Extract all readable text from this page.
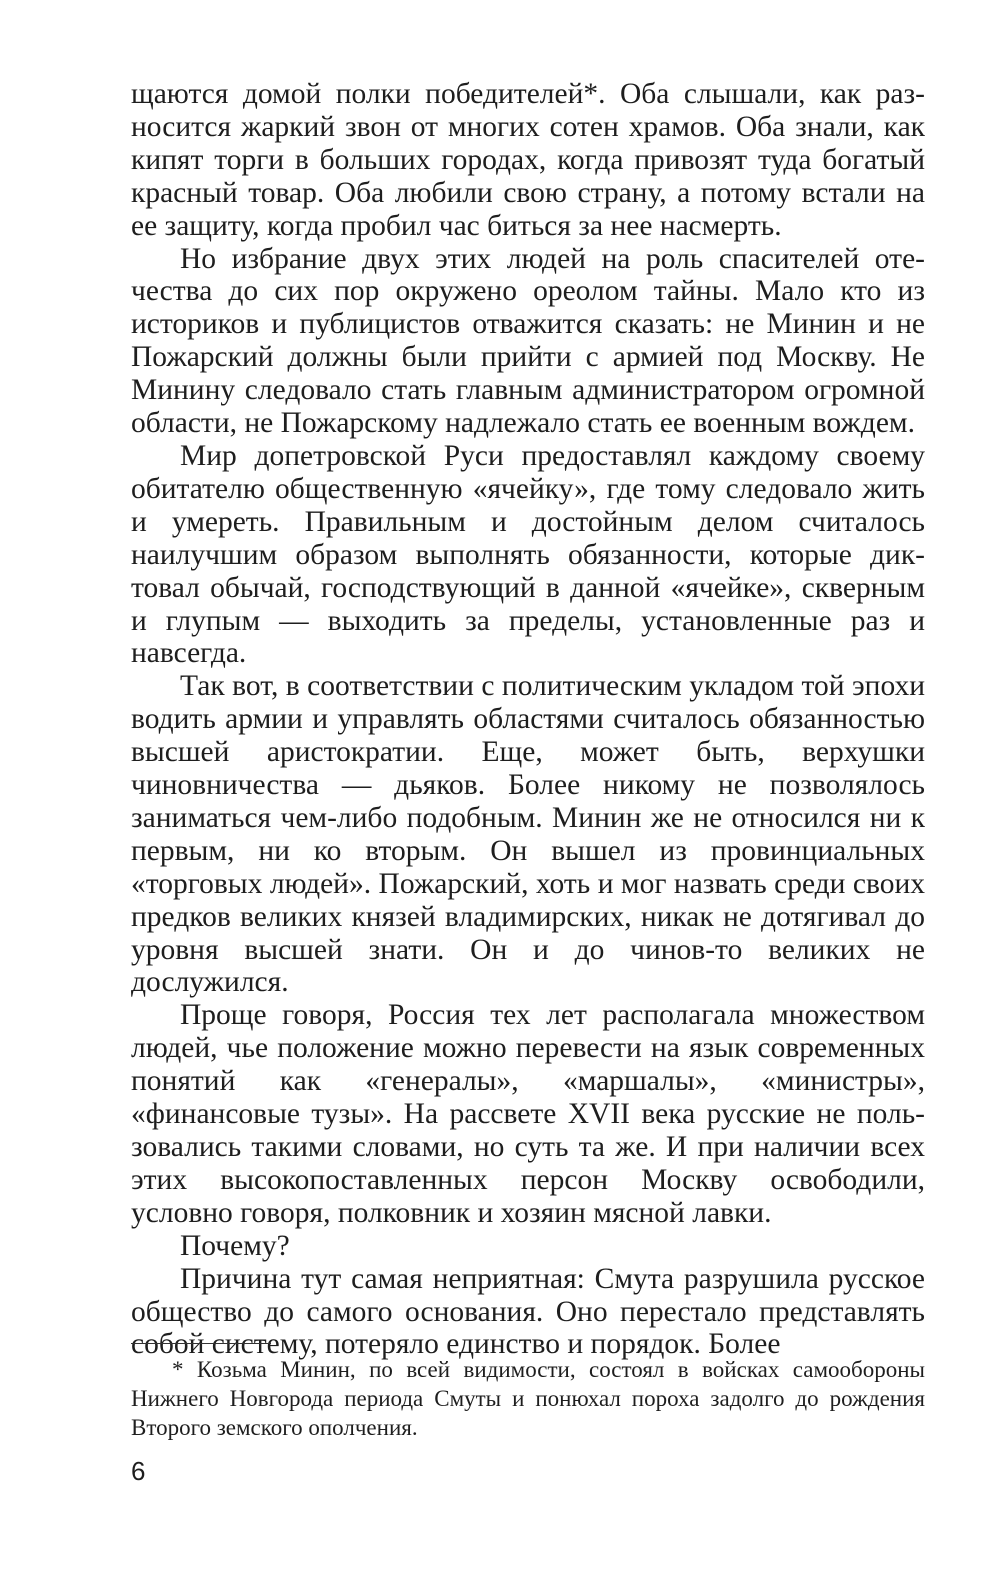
щаются домой полки победителей*. Оба слышали, как разносится жаркий звон от многих сотен храмов. Оба знали, как кипят торги в больших городах, когда привозят туда богатый красный товар. Оба любили свою страну, а потому встали на ее защиту, когда пробил час биться за нее насмерть.

Но избрание двух этих людей на роль спасителей отечества до сих пор окружено ореолом тайны. Мало кто из историков и публицистов отважится сказать: не Минин и не Пожарский должны были прийти с армией под Москву. Не Минину следовало стать главным администратором огромной области, не Пожарскому надлежало стать ее военным вождем.

Мир допетровской Руси предоставлял каждому своему обитателю общественную «ячейку», где тому следовало жить и умереть. Правильным и достойным делом считалось наилучшим образом выполнять обязанности, которые диктовал обычай, господствующий в данной «ячейке», скверным и глупым — выходить за пределы, установленные раз и навсегда.

Так вот, в соответствии с политическим укладом той эпохи водить армии и управлять областями считалось обязанностью высшей аристократии. Еще, может быть, верхушки чиновничества — дьяков. Более никому не позволялось заниматься чем-либо подобным. Минин же не относился ни к первым, ни ко вторым. Он вышел из провинциальных «торговых людей». Пожарский, хоть и мог назвать среди своих предков великих князей владимирских, никак не дотягивал до уровня высшей знати. Он и до чинов-то великих не дослужился.

Проще говоря, Россия тех лет располагала множеством людей, чье положение можно перевести на язык современных понятий как «генералы», «маршалы», «министры», «финансовые тузы». На рассвете XVII века русские не пользовались такими словами, но суть та же. И при наличии всех этих высокопоставленных персон Москву освободили, условно говоря, полковник и хозяин мясной лавки.

Почему?

Причина тут самая неприятная: Смута разрушила русское общество до самого основания. Оно перестало представлять собой систему, потеряло единство и порядок. Более

* Козьма Минин, по всей видимости, состоял в войсках самообороны Нижнего Новгорода периода Смуты и понюхал пороха задолго до рождения Второго земского ополчения.

6
